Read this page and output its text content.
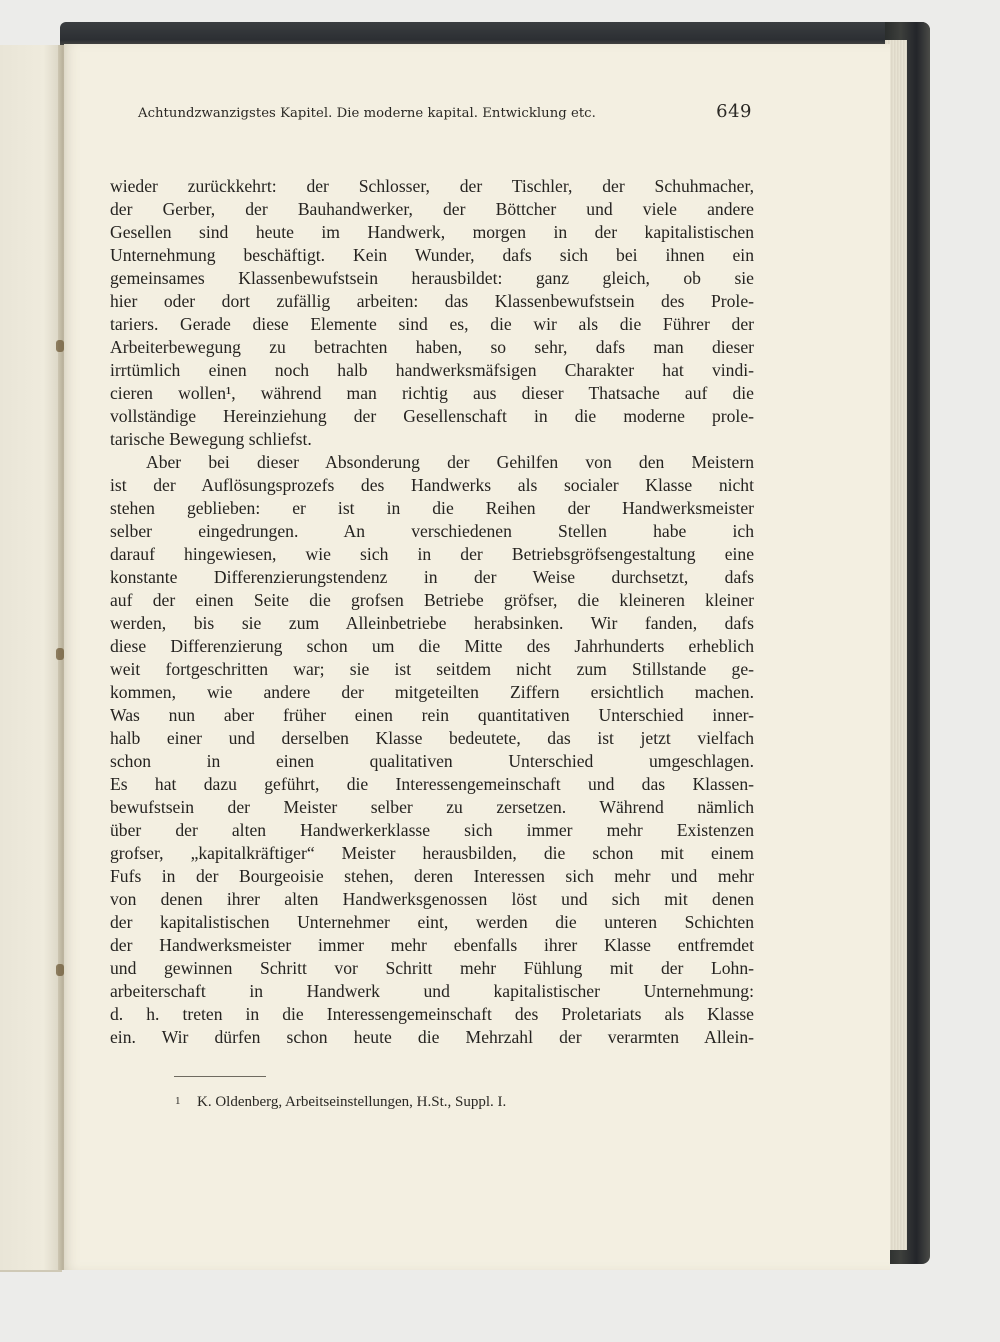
Achtundzwanzigstes Kapitel. Die moderne kapital. Entwicklung etc.	649
wieder zurückkehrt: der Schlosser, der Tischler, der Schuhmacher,
der Gerber, der Bauhandwerker, der Böttcher und viele andere
Gesellen sind heute im Handwerk, morgen in der kapitalistischen
Unternehmung beschäftigt. Kein Wunder, dafs sich bei ihnen ein
gemeinsames Klassenbewufstsein herausbildet: ganz gleich, ob sie
hier oder dort zufällig arbeiten: das Klassenbewufstsein des Prole-
tariers. Gerade diese Elemente sind es, die wir als die Führer der
Arbeiterbewegung zu betrachten haben, so sehr, dafs man dieser
irrtümlich einen noch halb handwerksmäfsigen Charakter hat vindi-
cieren wollen¹, während man richtig aus dieser Thatsache auf die
vollständige Hereinziehung der Gesellenschaft in die moderne prole-
tarische Bewegung schliefst.
Aber bei dieser Absonderung der Gehilfen von den Meistern
ist der Auflösungsprozefs des Handwerks als socialer Klasse nicht
stehen geblieben: er ist in die Reihen der Handwerksmeister
selber eingedrungen. An verschiedenen Stellen habe ich
darauf hingewiesen, wie sich in der Betriebsgröfsengestaltung eine
konstante Differenzierungstendenz in der Weise durchsetzt, dafs
auf der einen Seite die grofsen Betriebe gröfser, die kleineren kleiner
werden, bis sie zum Alleinbetriebe herabsinken. Wir fanden, dafs
diese Differenzierung schon um die Mitte des Jahrhunderts erheblich
weit fortgeschritten war; sie ist seitdem nicht zum Stillstande ge-
kommen, wie andere der mitgeteilten Ziffern ersichtlich machen.
Was nun aber früher einen rein quantitativen Unterschied inner-
halb einer und derselben Klasse bedeutete, das ist jetzt vielfach
schon in einen qualitativen Unterschied umgeschlagen.
Es hat dazu geführt, die Interessengemeinschaft und das Klassen-
bewufstsein der Meister selber zu zersetzen. Während nämlich
über der alten Handwerkerklasse sich immer mehr Existenzen
grofser, „kapitalkräftiger“ Meister herausbilden, die schon mit einem
Fufs in der Bourgeoisie stehen, deren Interessen sich mehr und mehr
von denen ihrer alten Handwerksgenossen löst und sich mit denen
der kapitalistischen Unternehmer eint, werden die unteren Schichten
der Handwerksmeister immer mehr ebenfalls ihrer Klasse entfremdet
und gewinnen Schritt vor Schritt mehr Fühlung mit der Lohn-
arbeiterschaft in Handwerk und kapitalistischer Unternehmung:
d. h. treten in die Interessengemeinschaft des Proletariats als Klasse
ein. Wir dürfen schon heute die Mehrzahl der verarmten Allein-
1 K. Oldenberg, Arbeitseinstellungen, H.St., Suppl. I.
